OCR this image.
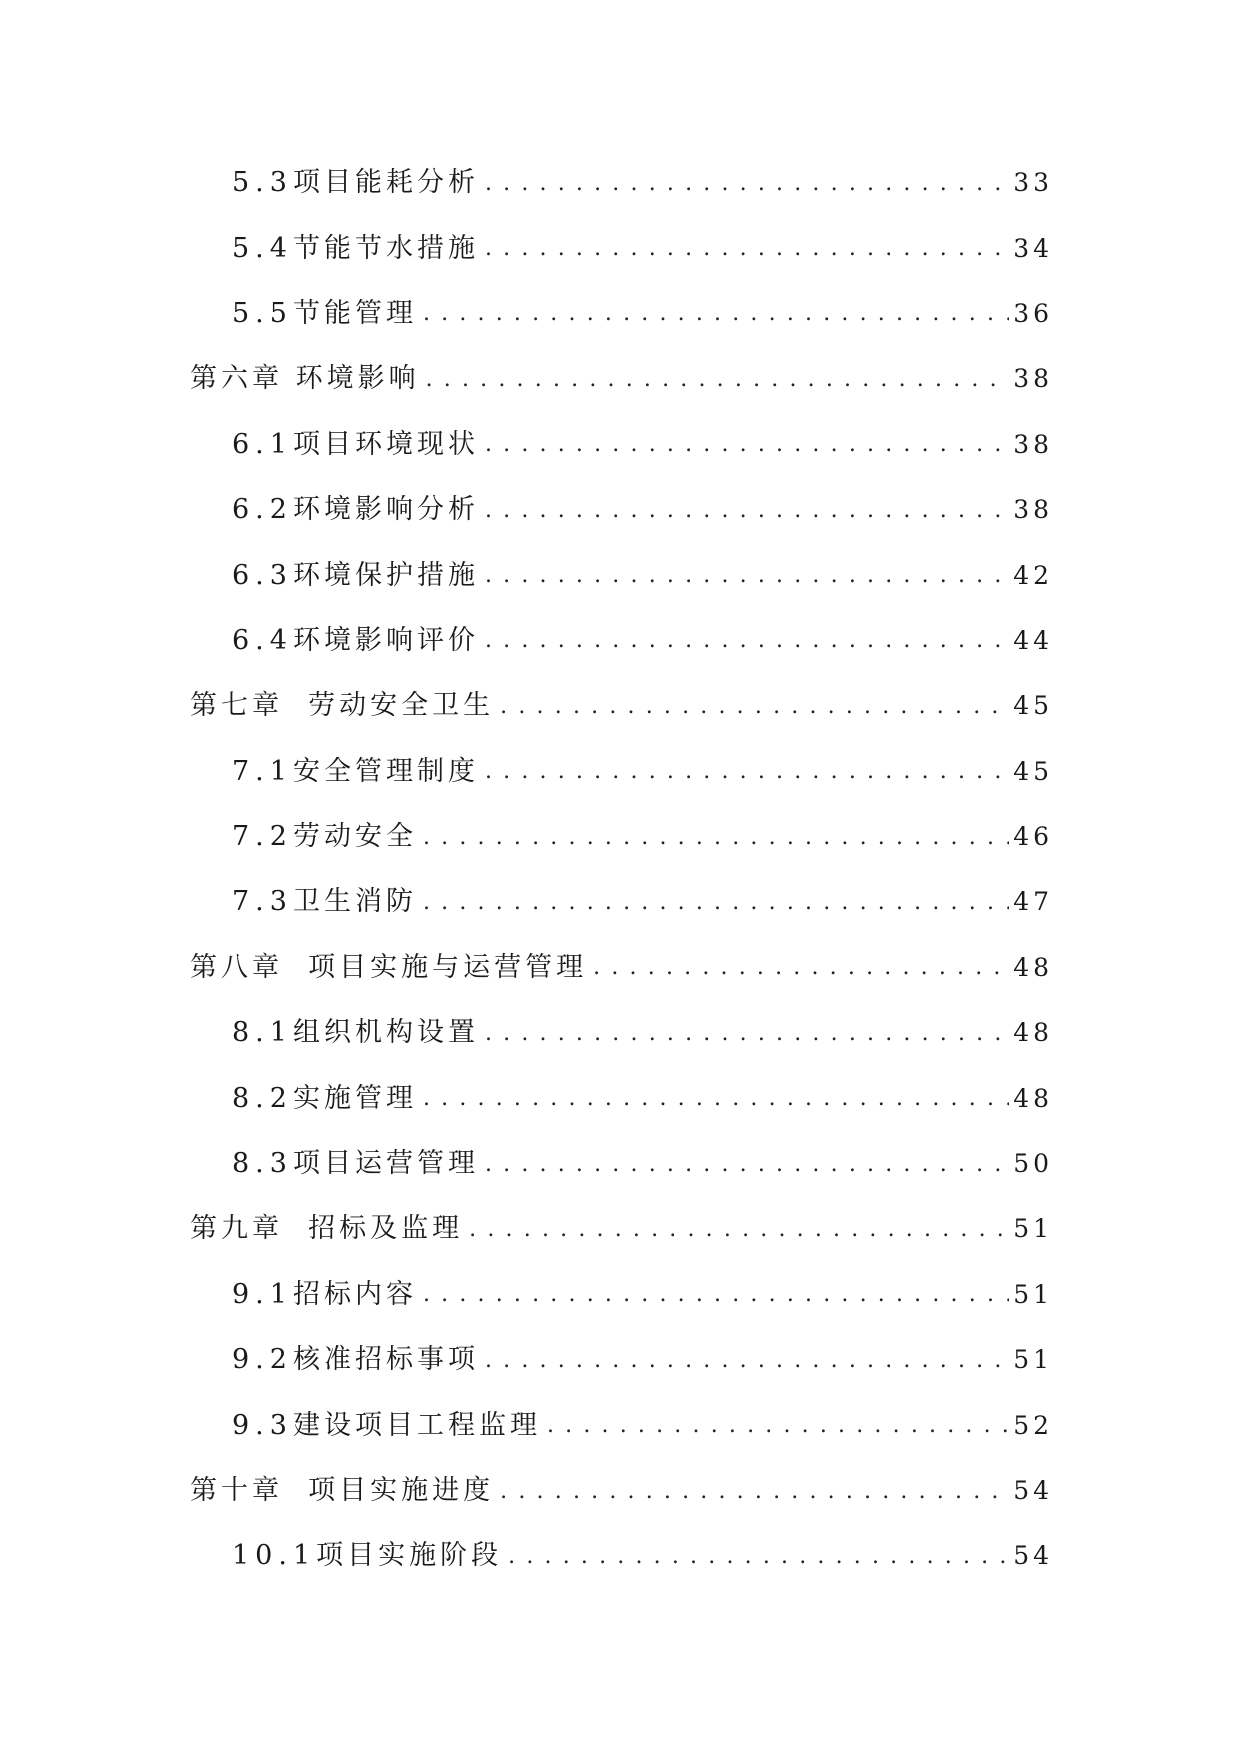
5.3项目能耗分析 .....	33
5.4节能节水措施 .....	34
5.5节能管理 .....	36
第六章 环境影响 .....	38
6.1项目环境现状 .....	38
6.2环境影响分析 .....	38
6.3环境保护措施 .....	42
6.4环境影响评价 .....	44
第七章  劳动安全卫生 .....	45
7.1安全管理制度 .....	45
7.2劳动安全 .....	46
7.3卫生消防 .....	47
第八章  项目实施与运营管理 .....	48
8.1组织机构设置 .....	48
8.2实施管理 .....	48
8.3项目运营管理 .....	50
第九章  招标及监理 .....	51
9.1招标内容 .....	51
9.2核准招标事项 .....	51
9.3建设项目工程监理 .....	52
第十章  项目实施进度 .....	54
10.1项目实施阶段 .....	54
